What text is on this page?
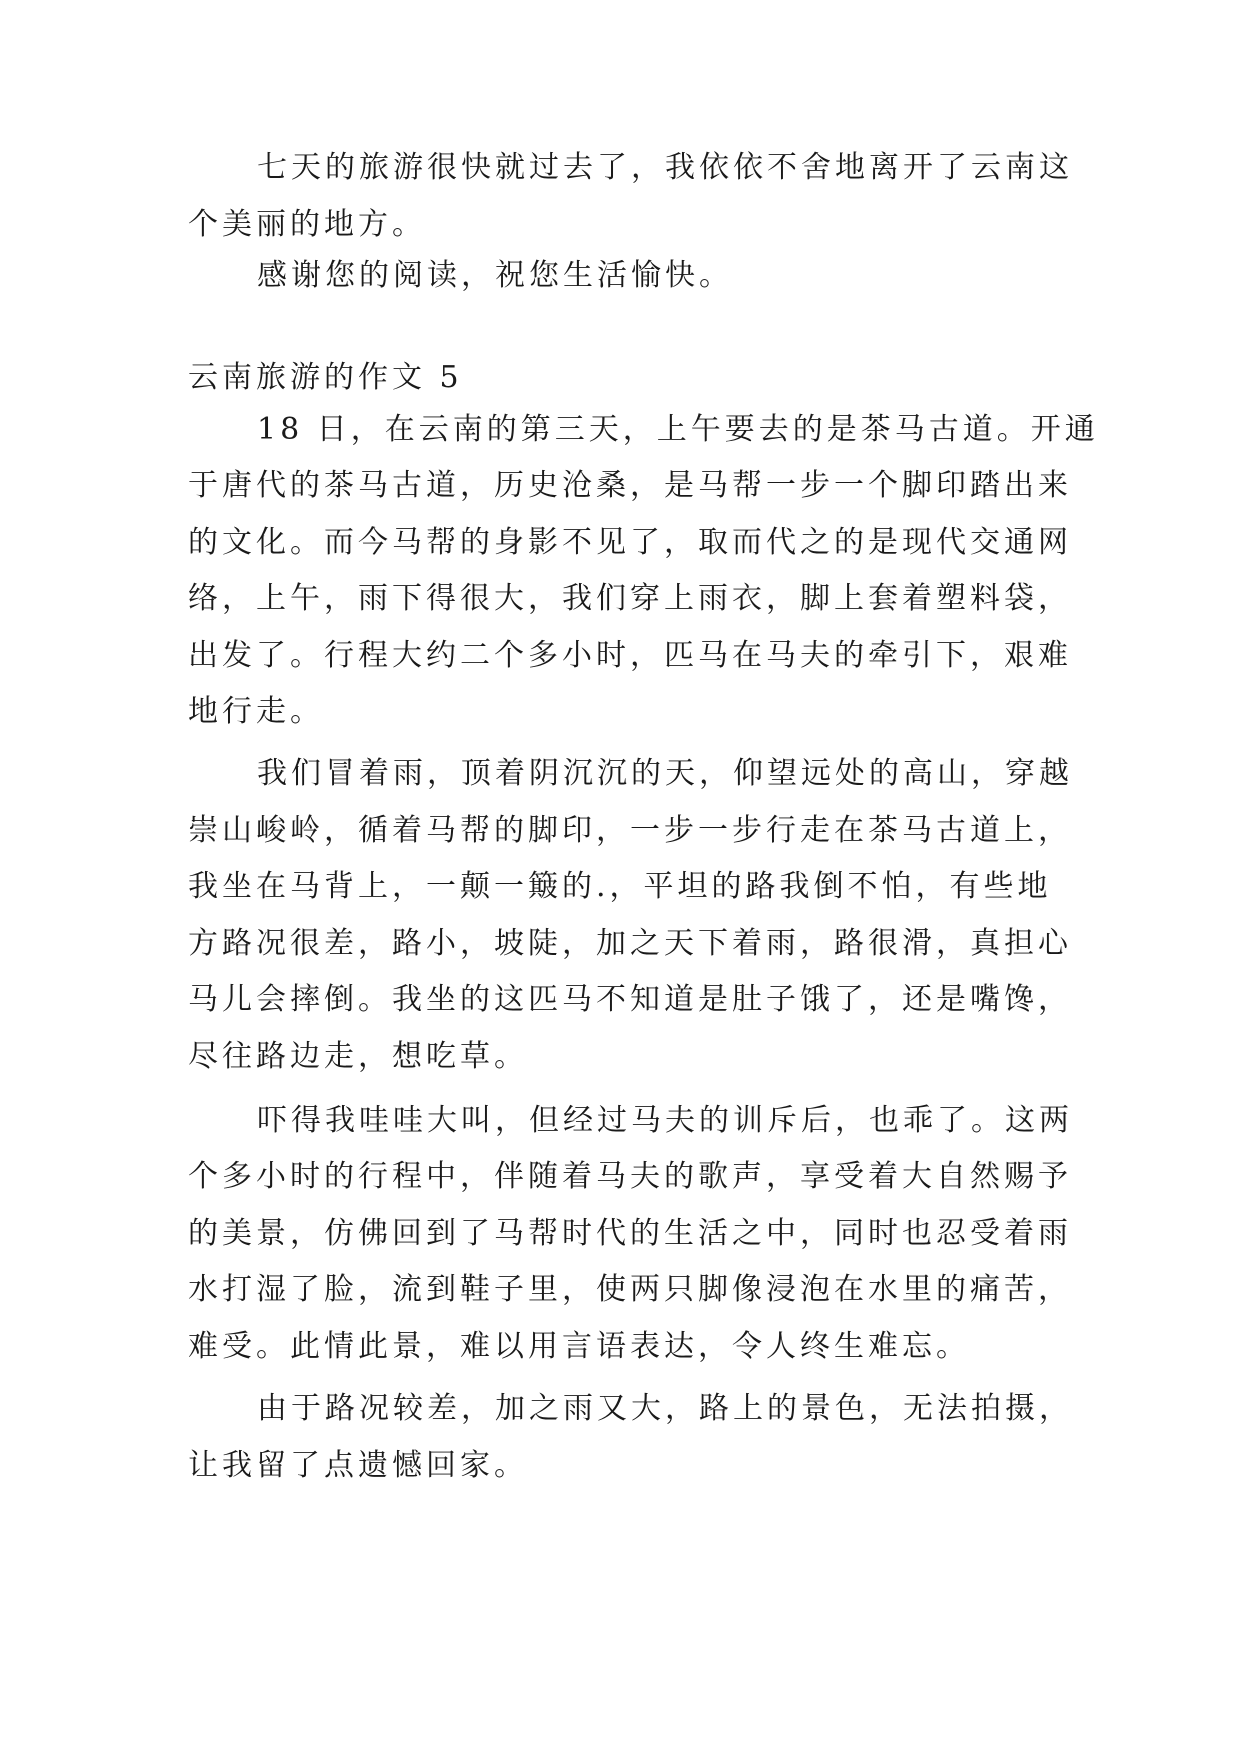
七天的旅游很快就过去了，我依依不舍地离开了云南这
个美丽的地方。
感谢您的阅读，祝您生活愉快。
云南旅游的作文 5
18 日，在云南的第三天，上午要去的是茶马古道。开通
于唐代的茶马古道，历史沧桑，是马帮一步一个脚印踏出来
的文化。而今马帮的身影不见了，取而代之的是现代交通网
络，上午，雨下得很大，我们穿上雨衣，脚上套着塑料袋，
出发了。行程大约二个多小时，匹马在马夫的牵引下，艰难
地行走。
我们冒着雨，顶着阴沉沉的天，仰望远处的高山，穿越
崇山峻岭，循着马帮的脚印，一步一步行走在茶马古道上，
我坐在马背上，一颠一簸的.，平坦的路我倒不怕，有些地
方路况很差，路小，坡陡，加之天下着雨，路很滑，真担心
马儿会摔倒。我坐的这匹马不知道是肚子饿了，还是嘴馋，
尽往路边走，想吃草。
吓得我哇哇大叫，但经过马夫的训斥后，也乖了。这两
个多小时的行程中，伴随着马夫的歌声，享受着大自然赐予
的美景，仿佛回到了马帮时代的生活之中，同时也忍受着雨
水打湿了脸，流到鞋子里，使两只脚像浸泡在水里的痛苦，
难受。此情此景，难以用言语表达，令人终生难忘。
由于路况较差，加之雨又大，路上的景色，无法拍摄，
让我留了点遗憾回家。
